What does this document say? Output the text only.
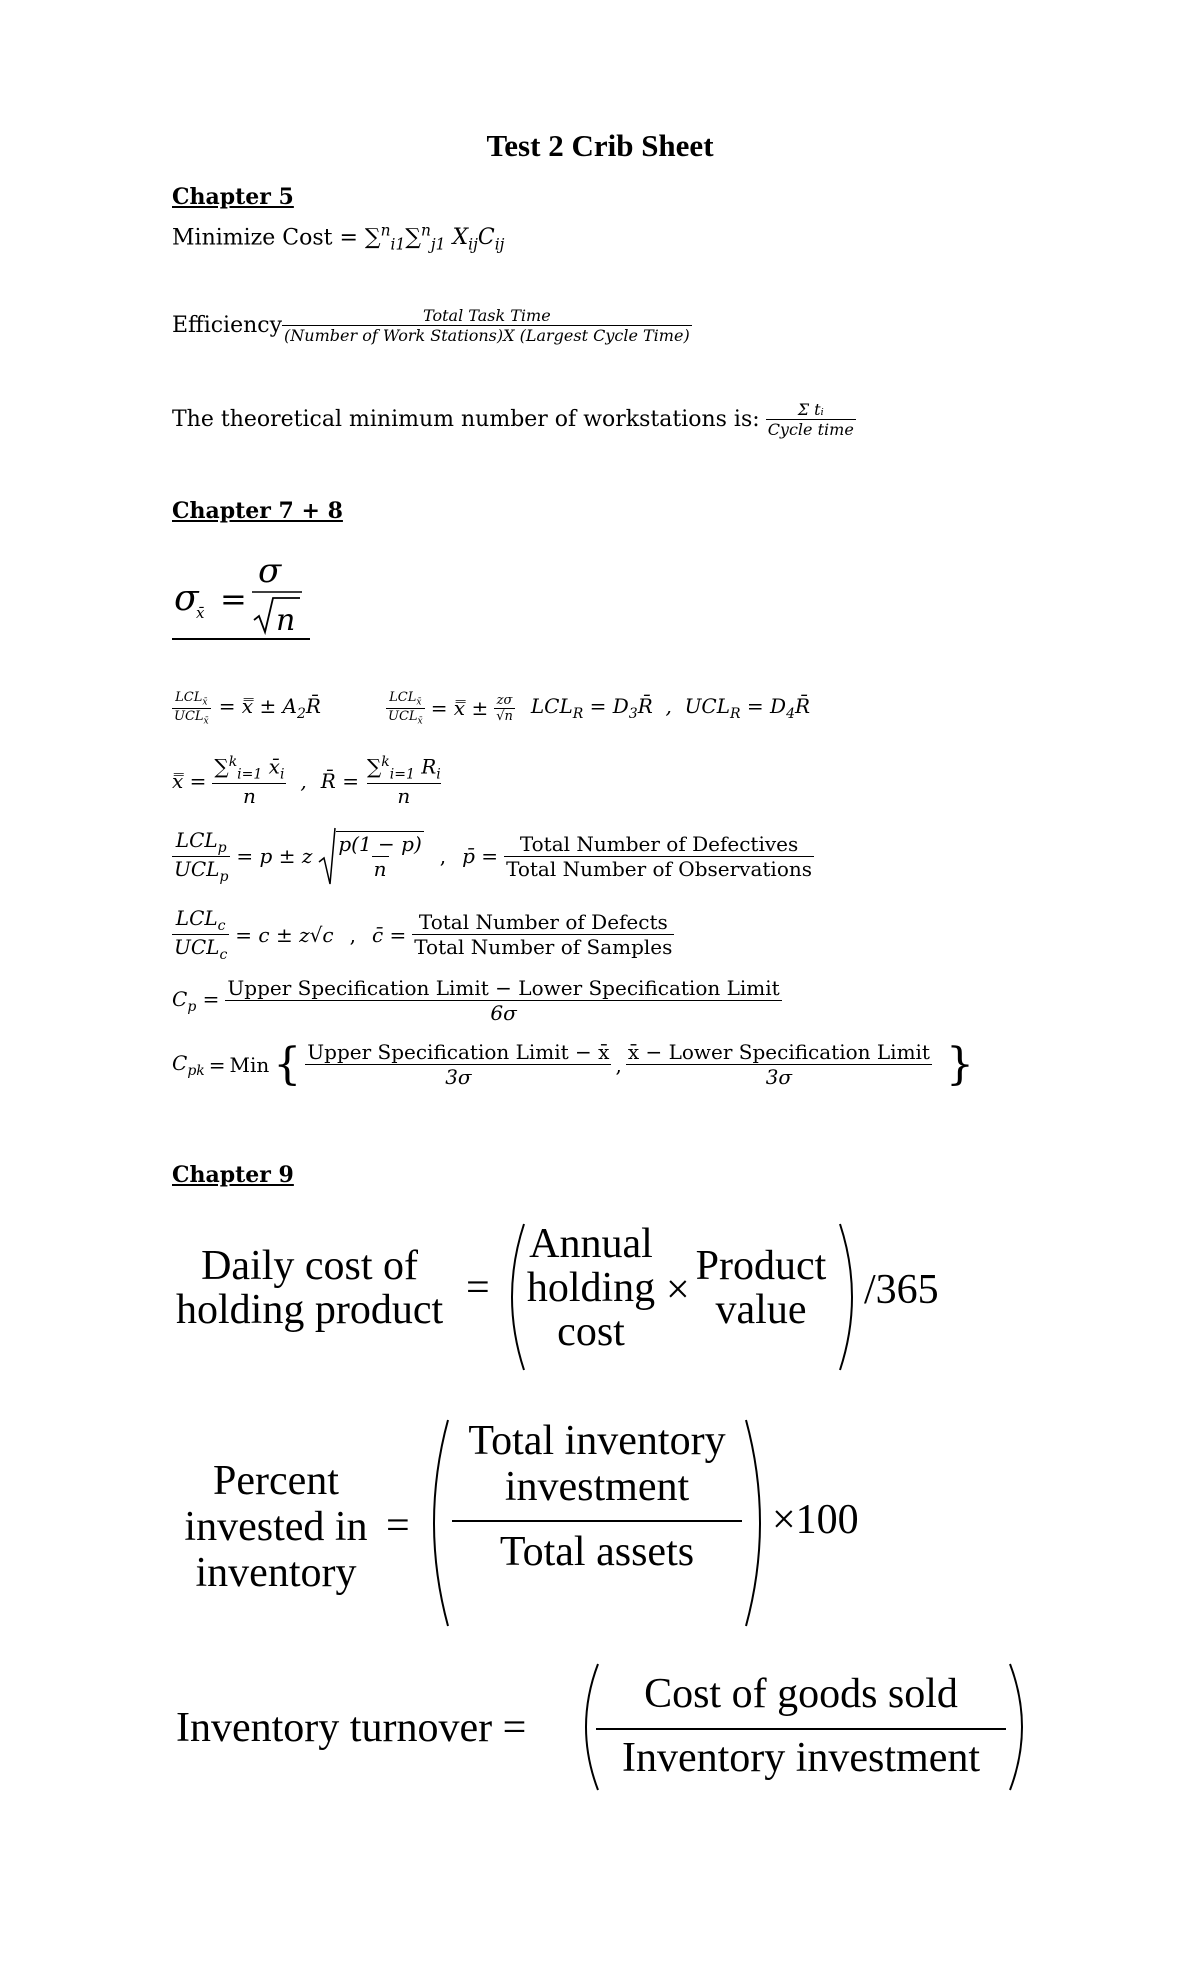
Test 2 Crib Sheet
Chapter 5
Minimize Cost = ∑$^n_{i1}$∑$^n_{j1}$ $X_{ij}C_{ij}$
Efficiency $\frac{\text{Total Task Time}}{\text{(Number of Work Stations)X (Largest Cycle Time)}}$
The theoretical minimum number of workstations is: $\frac{\text{Σ tᵢ}}{\text{Cycle time}}$
Chapter 7 + 8
σ
x̄ =
σ
n
$\frac{LCL_{x̄}}{UCL_{x̄}}$ = x̿ ± $A_2R̄$	$\frac{LCL_{x̄}}{UCL_{x̄}}$ = x̿ ± $\frac{z\sigma}{√n} LCL_R$ = $D_3R̄$  ,  $UCL_R$ = $D_4R̄$
x̿ = $\frac{\sum^k_{i=1} x̄_i}{n}$ , R̄ = $\frac{\sum^k_{i=1} R_i}{n}$
$\frac{LCL_p}{UCL_p} = p \pm z \frac{p(1 - p)}{n}$ , p̄ = $\frac{\text{Total Number of Defectives}}{\text{Total Number of Observations}}$
$\frac{LCL_c}{UCL_c} = c \pm z√c$ , c̄ = $\frac{\text{Total Number of Defects}}{\text{Total Number of Samples}}$
$C_p = \frac{\text{Upper Specification Limit − Lower Specification Limit}}{6\sigma}$
$C_{pk}$ = Min { $\frac{\text{Upper Specification Limit − x̄}}{3\sigma}$ , $\frac{\text{x̄ − Lower Specification Limit}}{3\sigma}$ }
Chapter 9
Daily cost of
holding product =
Annual
holding
cost
×
Product
value	/365
Percent
invested in
inventory
=
Total inventory
investment
Total assets
×100
Inventory turnover =
Cost of goods sold
Inventory investment
